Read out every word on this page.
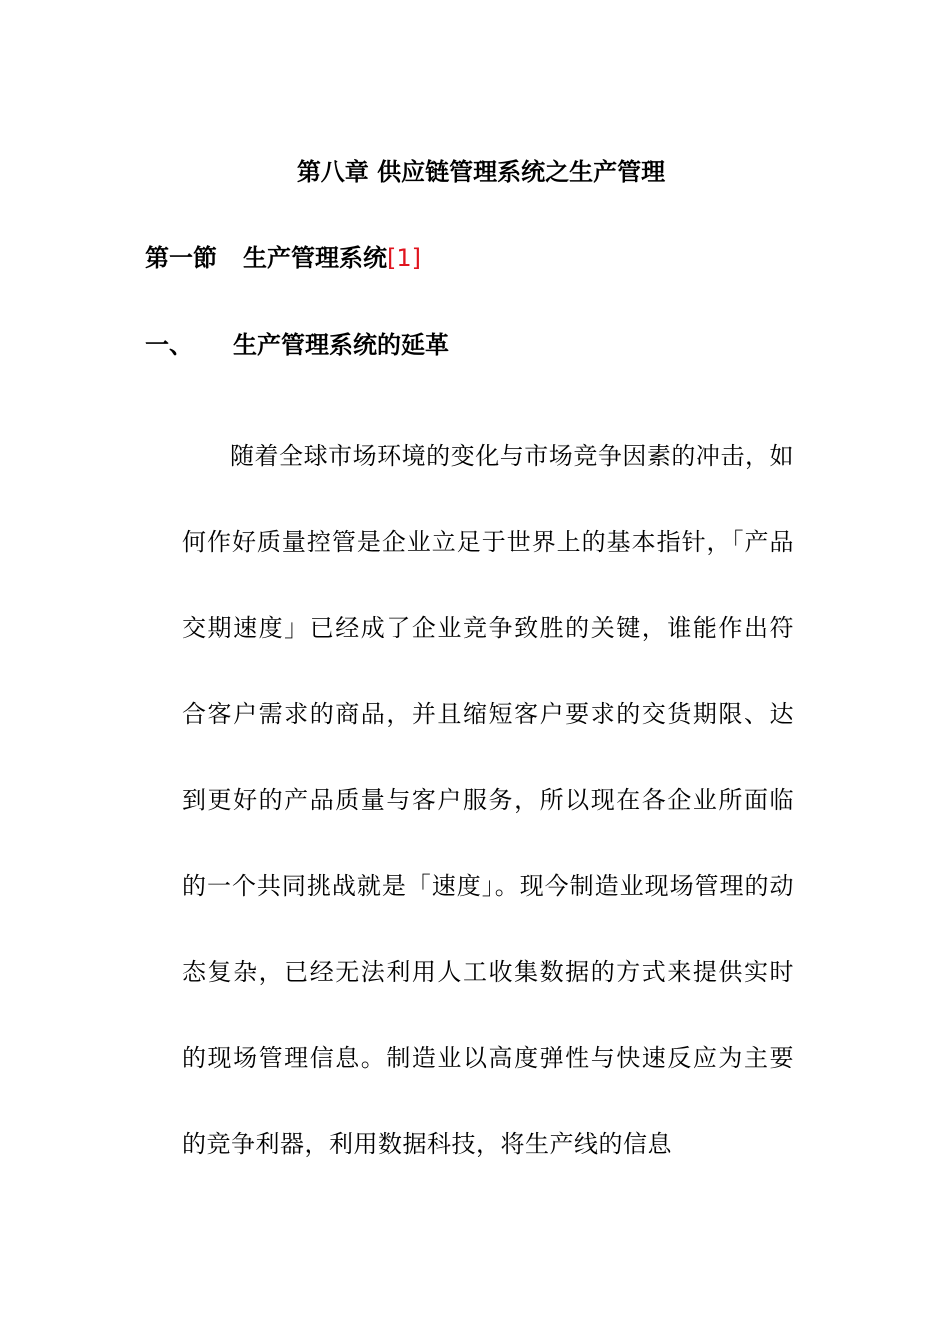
第八章 供应链管理系统之生产管理
第一節 生产管理系统[1]
一、 生产管理系统的延革

随着全球市场环境的变化与市场竞争因素的冲击，如何作好质量控管是企业立足于世界上的基本指针，「产品交期速度」已经成了企业竞争致胜的关键，谁能作出符合客户需求的商品，并且缩短客户要求的交货期限、达到更好的产品质量与客户服务，所以现在各企业所面临的一个共同挑战就是「速度」。现今制造业现场管理的动态复杂，已经无法利用人工收集数据的方式来提供实时的现场管理信息。制造业以高度弹性与快速反应为主要的竞争利器，利用数据科技，将生产线的信息
